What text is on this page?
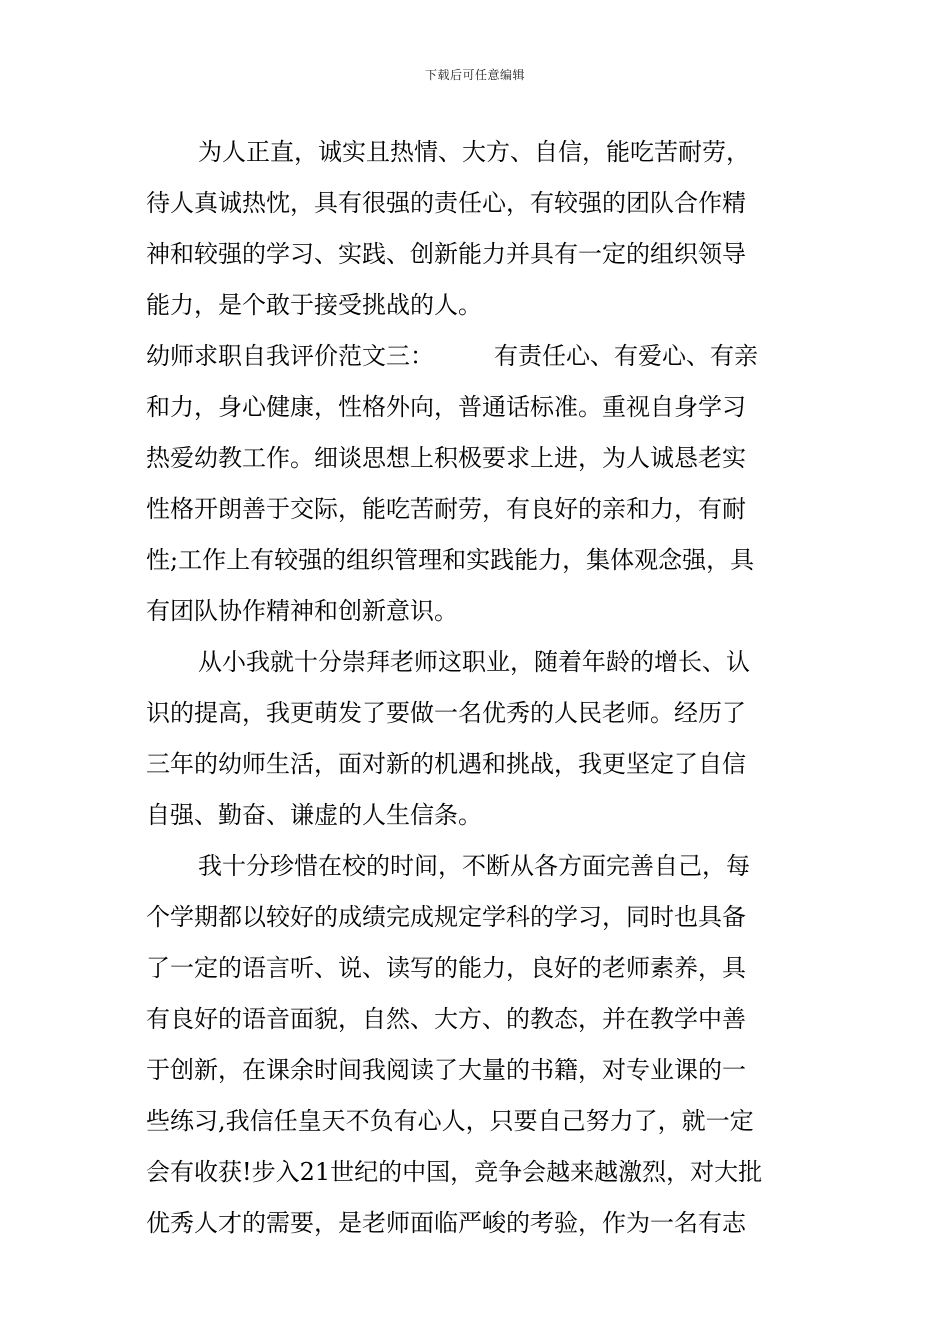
下载后可任意编辑
为人正直，诚实且热情、大方、自信，能吃苦耐劳，
待人真诚热忱，具有很强的责任心，有较强的团队合作精
神和较强的学习、实践、创新能力并具有一定的组织领导
能力，是个敢于接受挑战的人。
幼师求职自我评价范文三：　　　有责任心、有爱心、有亲
和力，身心健康，性格外向，普通话标准。重视自身学习
热爱幼教工作。细谈思想上积极要求上进，为人诚恳老实
性格开朗善于交际，能吃苦耐劳，有良好的亲和力，有耐
性;工作上有较强的组织管理和实践能力，集体观念强，具
有团队协作精神和创新意识。
从小我就十分崇拜老师这职业，随着年龄的增长、认
识的提高，我更萌发了要做一名优秀的人民老师。经历了
三年的幼师生活，面对新的机遇和挑战，我更坚定了自信
自强、勤奋、谦虚的人生信条。
我十分珍惜在校的时间，不断从各方面完善自己，每
个学期都以较好的成绩完成规定学科的学习，同时也具备
了一定的语言听、说、读写的能力，良好的老师素养，具
有良好的语音面貌，自然、大方、的教态，并在教学中善
于创新，在课余时间我阅读了大量的书籍，对专业课的一
些练习,我信任皇天不负有心人，只要自己努力了，就一定
会有收获!步入21世纪的中国，竞争会越来越激烈，对大批
优秀人才的需要，是老师面临严峻的考验，作为一名有志
